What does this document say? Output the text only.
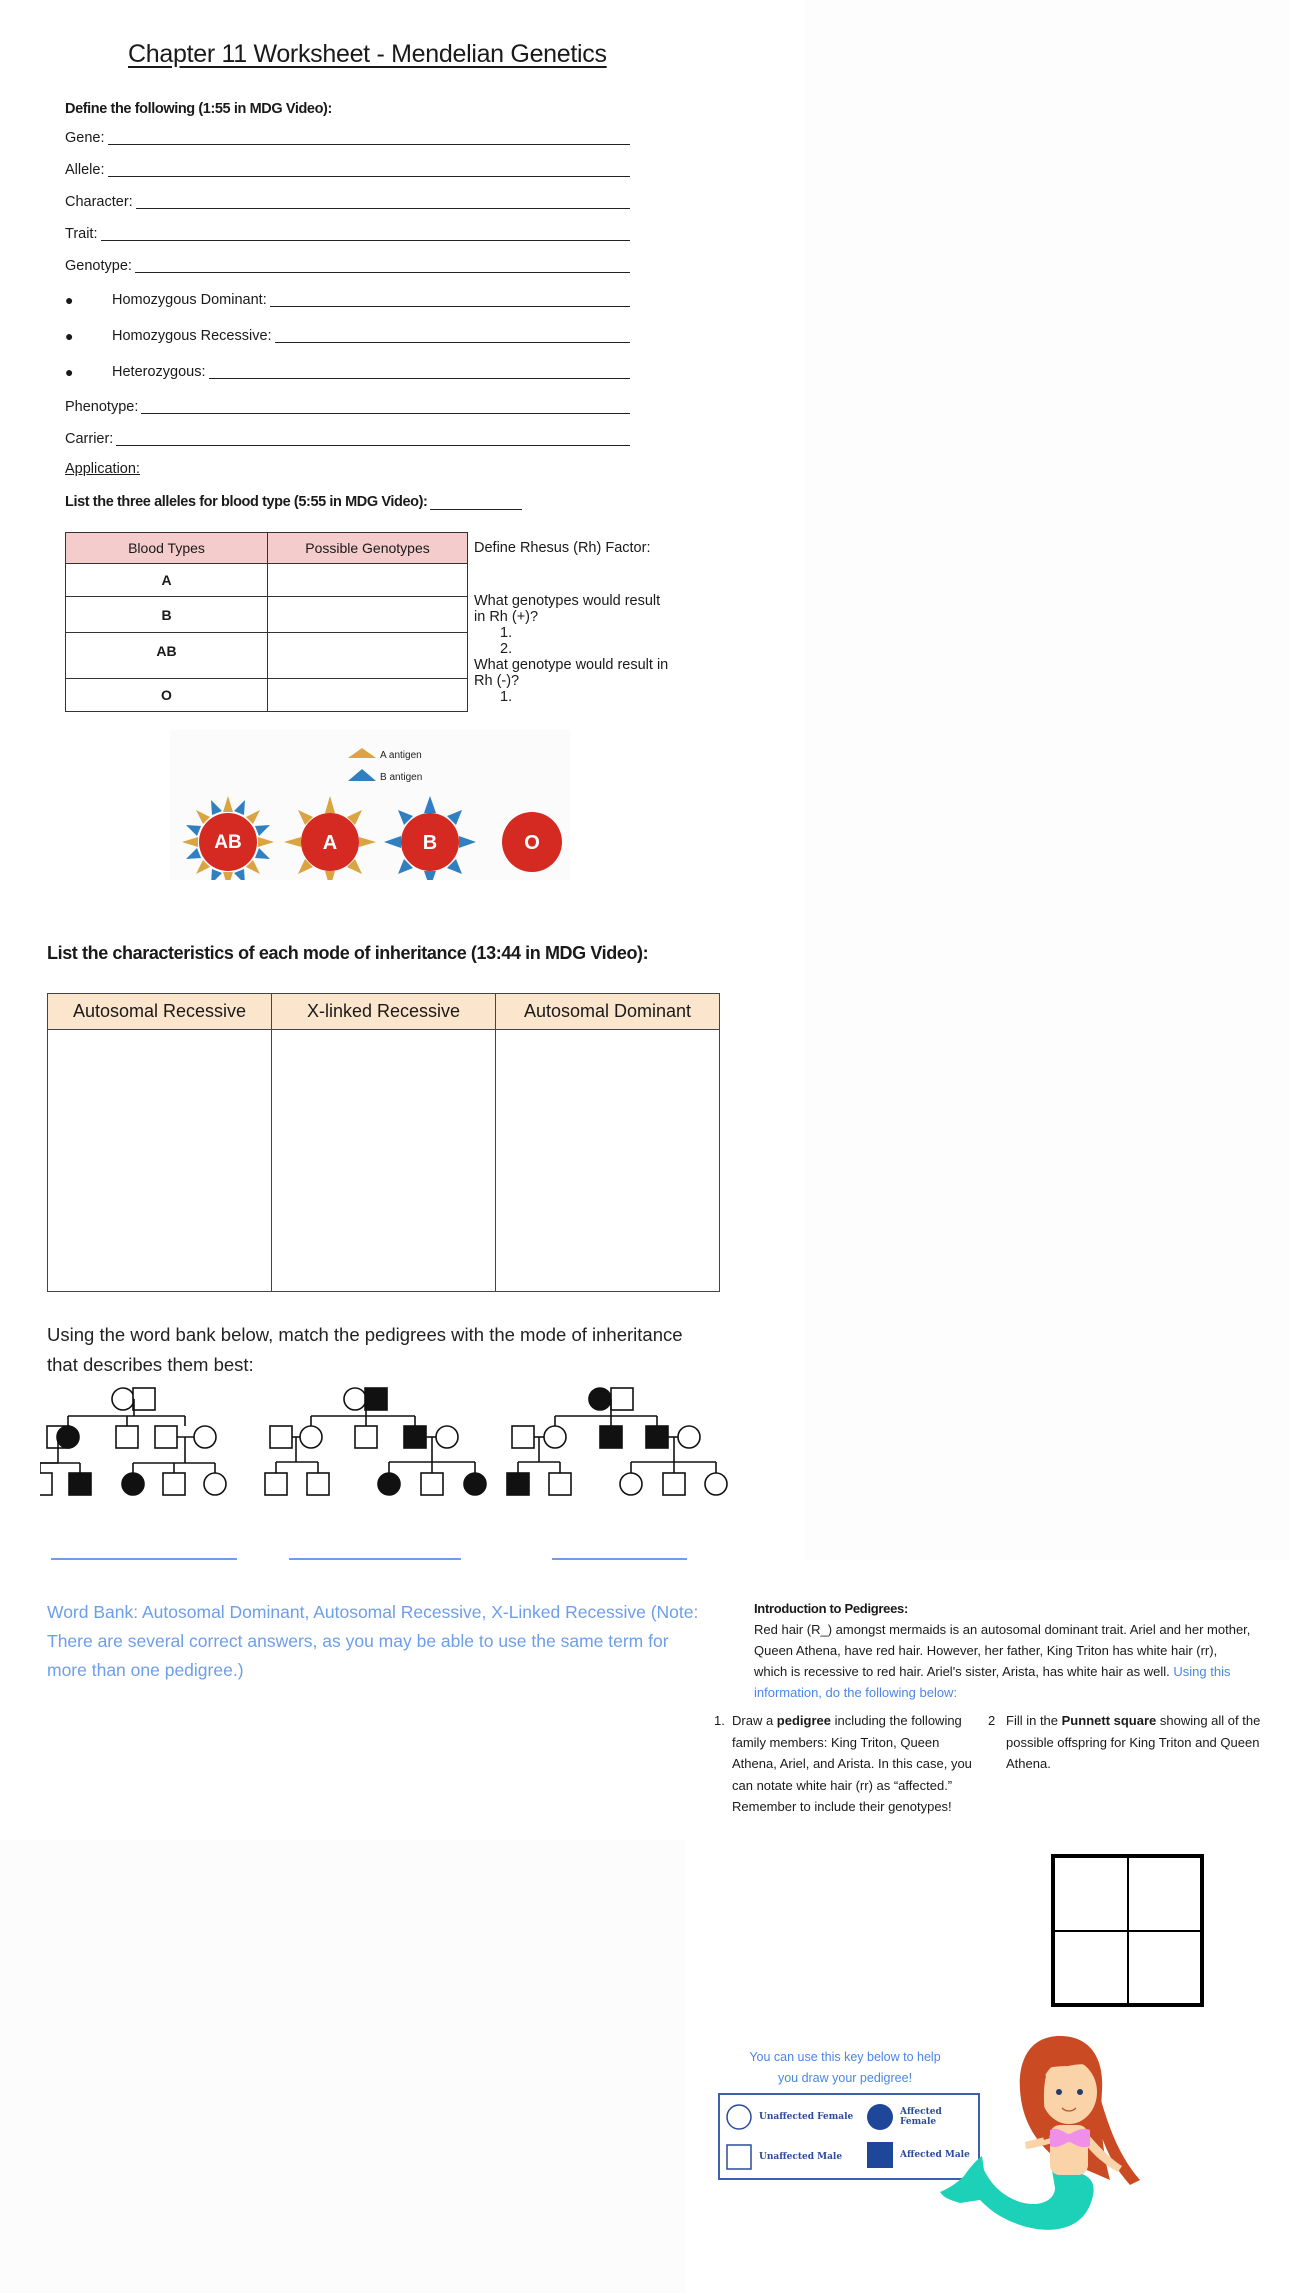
Chapter 11 Worksheet - Mendelian Genetics
Define the following (1:55 in MDG Video):
Gene:
Allele:
Character:
Trait:
Genotype:
●	Homozygous Dominant:
●	Homozygous Recessive:
●	Heterozygous:
Phenotype:
Carrier:
Application:
List the three alleles for blood type (5:55 in MDG Video):
Blood Types	Possible Genotypes
A	
B	
AB	
O	
Define Rhesus (Rh) Factor:
What genotypes would result in Rh (+)?
1.
2.
What genotype would result in Rh (-)?
1.
A antigen
B antigen
AB	A	B	O
List the characteristics of each mode of inheritance (13:44 in MDG Video):
Autosomal Recessive	X-linked Recessive	Autosomal Dominant

Using the word bank below, match the pedigrees with the mode of inheritance that describes them best:
Word Bank: Autosomal Dominant, Autosomal Recessive, X-Linked Recessive (Note: There are several correct answers, as you may be able to use the same term for more than one pedigree.)
Introduction to Pedigrees:
Red hair (R_) amongst mermaids is an autosomal dominant trait. Ariel and her mother, Queen Athena, have red hair. However, her father, King Triton has white hair (rr), which is recessive to red hair. Ariel's sister, Arista, has white hair as well. Using this information, do the following below:
1. Draw a pedigree including the following family members: King Triton, Queen Athena, Ariel, and Arista. In this case, you can notate white hair (rr) as “affected.” Remember to include their genotypes!
2 Fill in the Punnett square showing all of the possible offspring for King Triton and Queen Athena.
You can use this key below to help you draw your pedigree!
Unaffected Female	Affected Female
Unaffected Male	Affected Male
